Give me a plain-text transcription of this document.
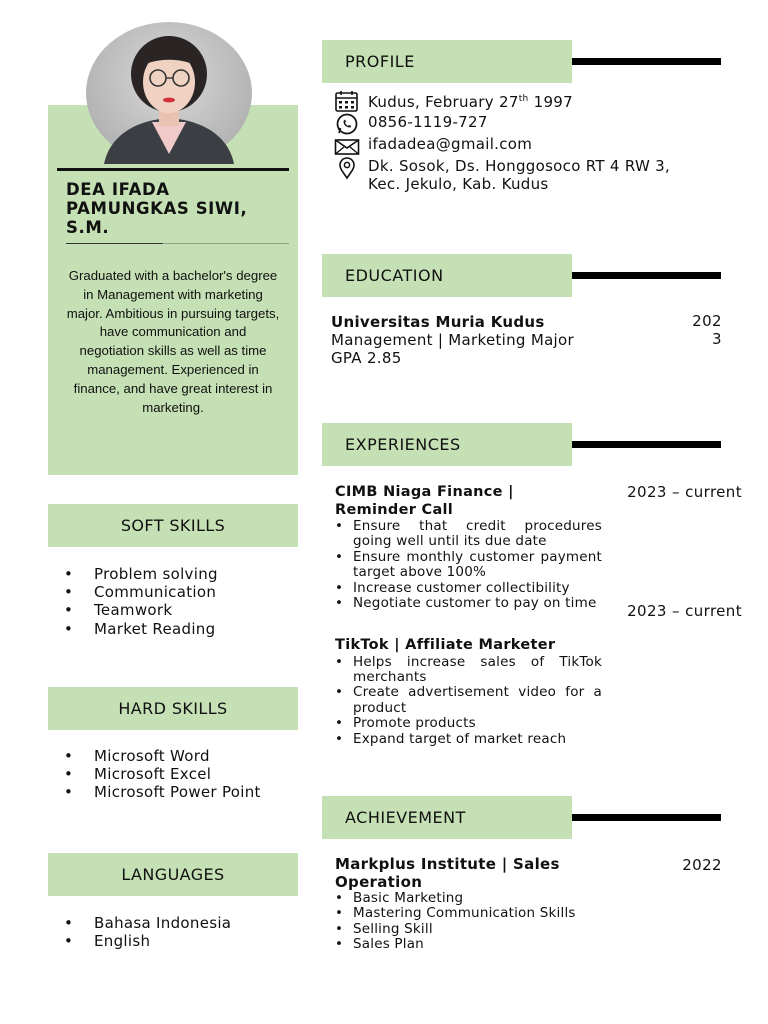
DEA IFADA PAMUNGKAS SIWI, S.M.
Graduated with a bachelor's degree in Management with marketing major. Ambitious in pursuing targets, have communication and negotiation skills as well as time management. Experienced in finance, and have great interest in marketing.
SOFT SKILLS
• Problem solving
• Communication
• Teamwork
• Market Reading
HARD SKILLS
• Microsoft Word
• Microsoft Excel
• Microsoft Power Point
LANGUAGES
• Bahasa Indonesia
• English
PROFILE
Kudus, February 27th 1997
0856-1119-727
ifadadea@gmail.com
Dk. Sosok, Ds. Honggosoco RT 4 RW 3,
Kec. Jekulo, Kab. Kudus
EDUCATION
Universitas Muria Kudus
Management | Marketing Major
GPA 2.85
202
3
EXPERIENCES
CIMB Niaga Finance |
Reminder Call
• Ensure that credit procedures going well until its due date
• Ensure monthly customer payment target above 100%
• Increase customer collectibility
• Negotiate customer to pay on time
2023 – current
TikTok | Affiliate Marketer
• Helps increase sales of TikTok merchants
• Create advertisement video for a product
• Promote products
• Expand target of market reach
2023 – current
ACHIEVEMENT
Markplus Institute | Sales
Operation
• Basic Marketing
• Mastering Communication Skills
• Selling Skill
• Sales Plan
2022
